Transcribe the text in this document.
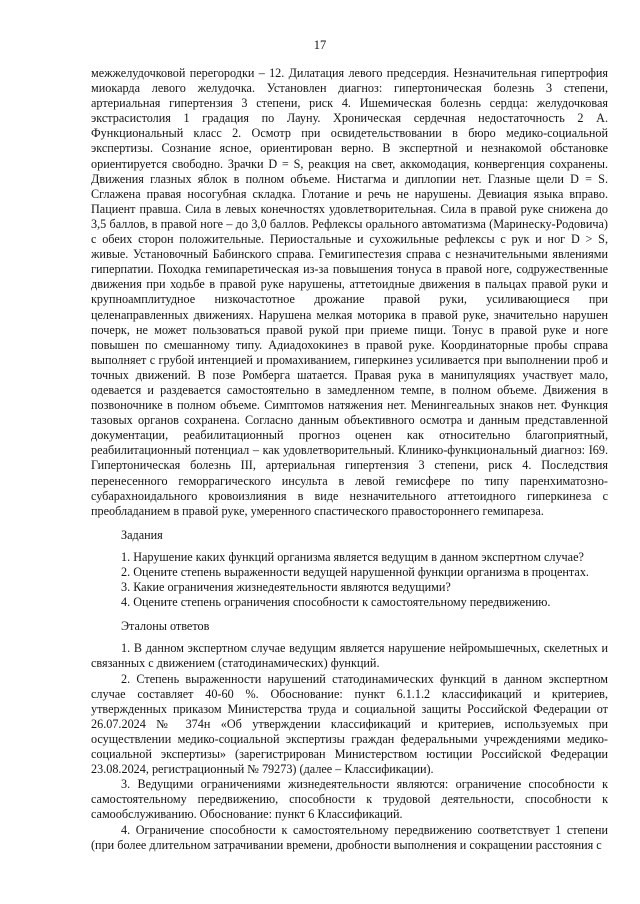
17

межжелудочковой перегородки – 12. Дилатация левого предсердия. Незначительная гипертрофия миокарда левого желудочка. Установлен диагноз: гипертоническая болезнь 3 степени, артериальная гипертензия 3 степени, риск 4. Ишемическая болезнь сердца: желудочковая экстрасистолия 1 градация по Лауну. Хроническая сердечная недостаточность 2 А. Функциональный класс 2. Осмотр при освидетельствовании в бюро медико-социальной экспертизы. Сознание ясное, ориентирован верно. В экспертной и незнакомой обстановке ориентируется свободно. Зрачки D = S, реакция на свет, аккомодация, конвергенция сохранены. Движения глазных яблок в полном объеме. Нистагма и диплопии нет. Глазные щели D = S. Сглажена правая носогубная складка. Глотание и речь не нарушены. Девиация языка вправо. Пациент правша. Сила в левых конечностях удовлетворительная. Сила в правой руке снижена до 3,5 баллов, в правой ноге – до 3,0 баллов. Рефлексы орального автоматизма (Маринеску-Родовича) с обеих сторон положительные. Периостальные и сухожильные рефлексы с рук и ног D > S, живые. Установочный Бабинского справа. Гемигипестезия справа с незначительными явлениями гиперпатии. Походка гемипаретическая из-за повышения тонуса в правой ноге, содружественные движения при ходьбе в правой руке нарушены, аттетоидные движения в пальцах правой руки и крупноамплитудное низкочастотное дрожание правой руки, усиливающиеся при целенаправленных движениях. Нарушена мелкая моторика в правой руке, значительно нарушен почерк, не может пользоваться правой рукой при приеме пищи. Тонус в правой руке и ноге повышен по смешанному типу. Адиадохокинез в правой руке. Координаторные пробы справа выполняет с грубой интенцией и промахиванием, гиперкинез усиливается при выполнении проб и точных движений. В позе Ромберга шатается. Правая рука в манипуляциях участвует мало, одевается и раздевается самостоятельно в замедленном темпе, в полном объеме. Движения в позвоночнике в полном объеме. Симптомов натяжения нет. Менингеальных знаков нет. Функция тазовых органов сохранена. Согласно данным объективного осмотра и данным представленной документации, реабилитационный прогноз оценен как относительно благоприятный, реабилитационный потенциал – как удовлетворительный. Клинико-функциональный диагноз: I69. Гипертоническая болезнь III, артериальная гипертензия 3 степени, риск 4. Последствия перенесенного геморрагического инсульта в левой гемисфере по типу паренхиматозно-субарахноидального кровоизлияния в виде незначительного аттетоидного гиперкинеза с преобладанием в правой руке, умеренного спастического правостороннего гемипареза.

Задания

1. Нарушение каких функций организма является ведущим в данном экспертном случае?

2. Оцените степень выраженности ведущей нарушенной функции организма в процентах.

3. Какие ограничения жизнедеятельности являются ведущими?

4. Оцените степень ограничения способности к самостоятельному передвижению.

Эталоны ответов

1. В данном экспертном случае ведущим является нарушение нейромышечных, скелетных и связанных с движением (статодинамических) функций.

2. Степень выраженности нарушений статодинамических функций в данном экспертном случае составляет 40-60 %. Обоснование: пункт 6.1.1.2 классификаций и критериев, утвержденных приказом Министерства труда и социальной защиты Российской Федерации от 26.07.2024 № 374н «Об утверждении классификаций и критериев, используемых при осуществлении медико-социальной экспертизы граждан федеральными учреждениями медико-социальной экспертизы» (зарегистрирован Министерством юстиции Российской Федерации 23.08.2024, регистрационный № 79273) (далее – Классификации).

3. Ведущими ограничениями жизнедеятельности являются: ограничение способности к самостоятельному передвижению, способности к трудовой деятельности, способности к самообслуживанию. Обоснование: пункт 6 Классификаций.

4. Ограничение способности к самостоятельному передвижению соответствует 1 степени (при более длительном затрачивании времени, дробности выполнения и сокращении расстояния с
